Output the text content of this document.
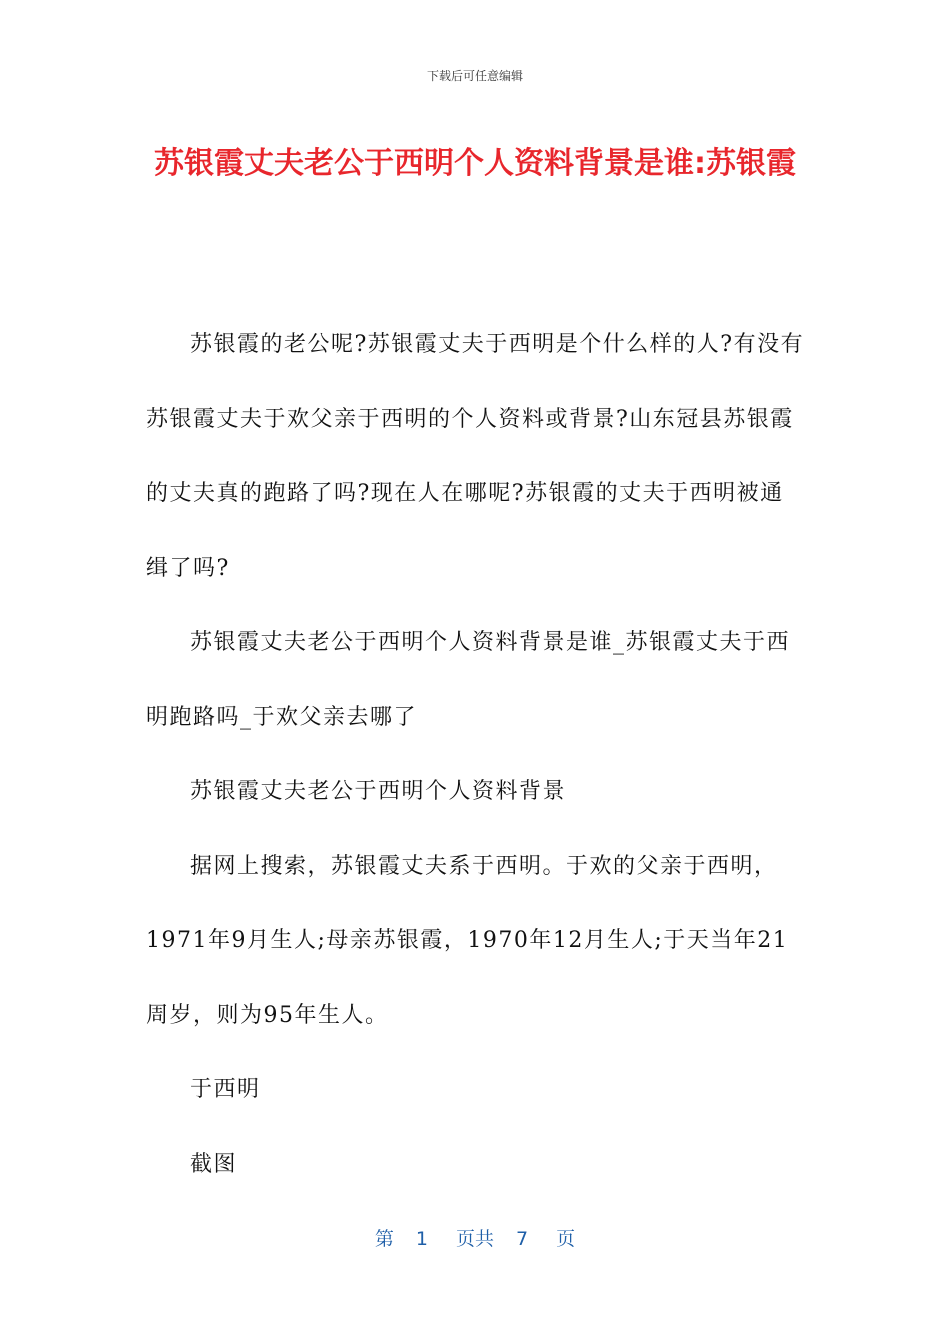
下载后可任意编辑
苏银霞丈夫老公于西明个人资料背景是谁:苏银霞

苏银霞的老公呢?苏银霞丈夫于西明是个什么样的人?有没有苏银霞丈夫于欢父亲于西明的个人资料或背景?山东冠县苏银霞的丈夫真的跑路了吗?现在人在哪呢?苏银霞的丈夫于西明被通缉了吗?

苏银霞丈夫老公于西明个人资料背景是谁_苏银霞丈夫于西明跑路吗_于欢父亲去哪了

苏银霞丈夫老公于西明个人资料背景

据网上搜索，苏银霞丈夫系于西明。于欢的父亲于西明，1971年9月生人;母亲苏银霞，1970年12月生人;于天当年21周岁，则为95年生人。

于西明

截图

第 1 页共 7 页
